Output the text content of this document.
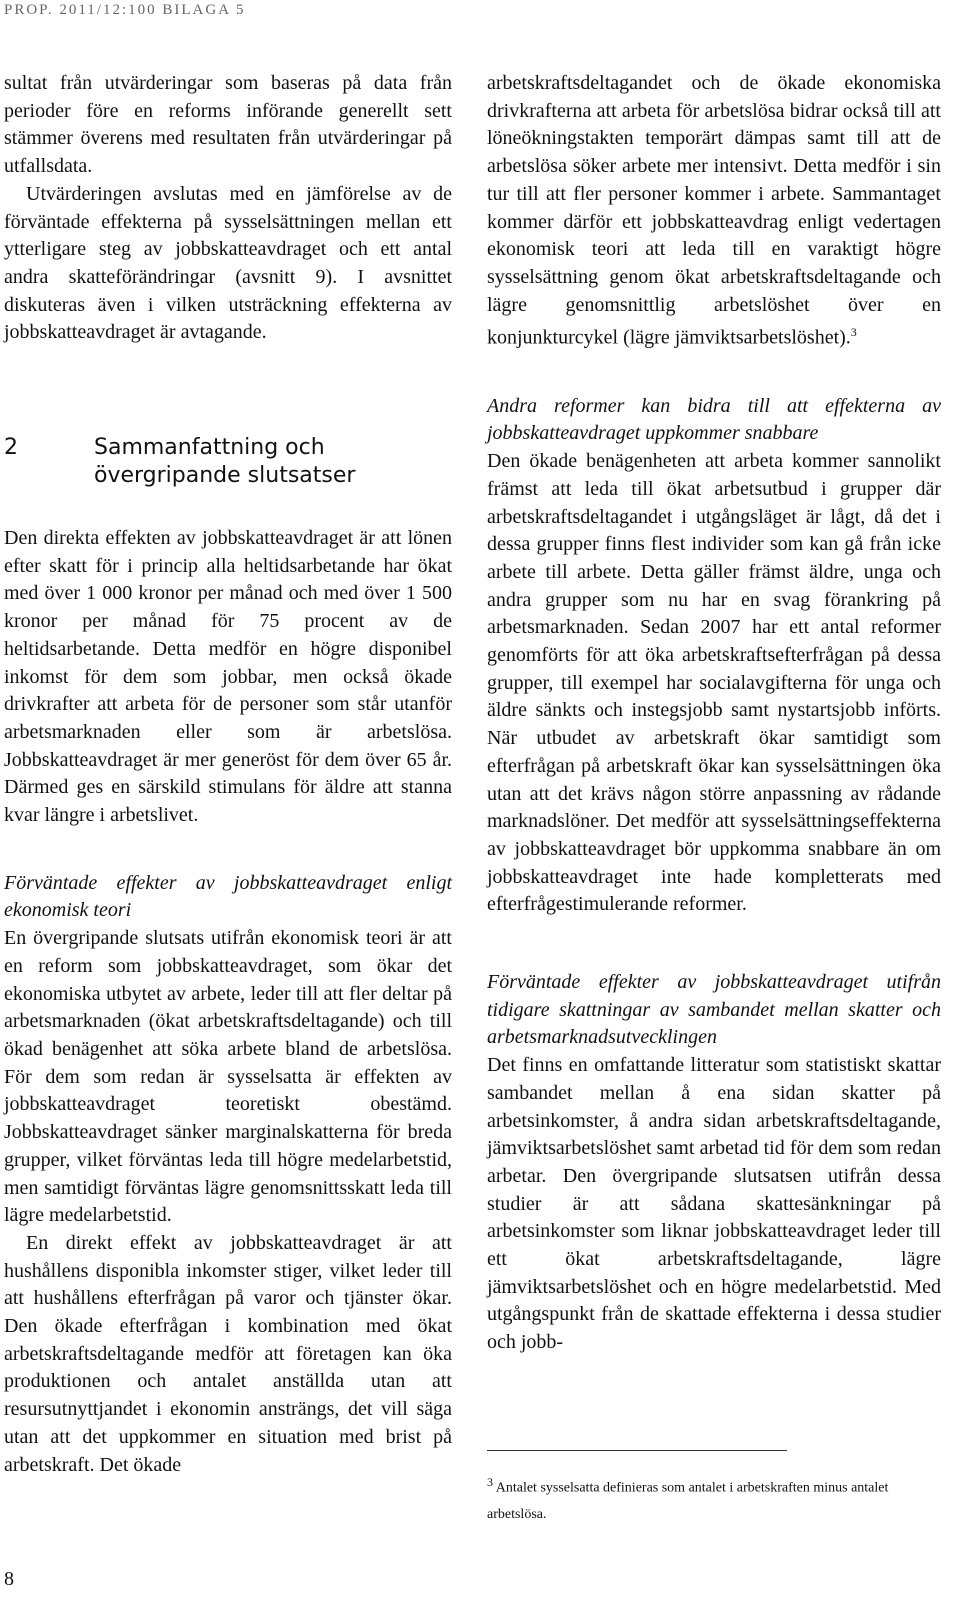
PROP. 2011/12:100 BILAGA 5

sultat från utvärderingar som baseras på data från perioder före en reforms införande generellt sett stämmer överens med resultaten från utvärderingar på utfallsdata.

Utvärderingen avslutas med en jämförelse av de förväntade effekterna på sysselsättningen mellan ett ytterligare steg av jobbskatteavdraget och ett antal andra skatteförändringar (avsnitt 9). I avsnittet diskuteras även i vilken utsträckning effekterna av jobbskatteavdraget är avtagande.

2	Sammanfattning och övergripande slutsatser

Den direkta effekten av jobbskatteavdraget är att lönen efter skatt för i princip alla heltidsarbetande har ökat med över 1 000 kronor per månad och med över 1 500 kronor per månad för 75 procent av de heltidsarbetande. Detta medför en högre disponibel inkomst för dem som jobbar, men också ökade drivkrafter att arbeta för de personer som står utanför arbetsmarknaden eller som är arbetslösa. Jobbskatteavdraget är mer generöst för dem över 65 år. Därmed ges en särskild stimulans för äldre att stanna kvar längre i arbetslivet.

Förväntade effekter av jobbskatteavdraget enligt ekonomisk teori

En övergripande slutsats utifrån ekonomisk teori är att en reform som jobbskatteavdraget, som ökar det ekonomiska utbytet av arbete, leder till att fler deltar på arbetsmarknaden (ökat arbetskraftsdeltagande) och till ökad benägenhet att söka arbete bland de arbetslösa. För dem som redan är sysselsatta är effekten av jobbskatteavdraget teoretiskt obestämd. Jobbskatteavdraget sänker marginalskatterna för breda grupper, vilket förväntas leda till högre medelarbetstid, men samtidigt förväntas lägre genomsnittsskatt leda till lägre medelarbetstid.

En direkt effekt av jobbskatteavdraget är att hushållens disponibla inkomster stiger, vilket leder till att hushållens efterfrågan på varor och tjänster ökar. Den ökade efterfrågan i kombination med ökat arbetskraftsdeltagande medför att företagen kan öka produktionen och antalet anställda utan att resursutnyttjandet i ekonomin ansträngs, det vill säga utan att det uppkommer en situation med brist på arbetskraft. Det ökade

arbetskraftsdeltagandet och de ökade ekonomiska drivkrafterna att arbeta för arbetslösa bidrar också till att löneökningstakten temporärt dämpas samt till att de arbetslösa söker arbete mer intensivt. Detta medför i sin tur till att fler personer kommer i arbete. Sammantaget kommer därför ett jobbskatteavdrag enligt vedertagen ekonomisk teori att leda till en varaktigt högre sysselsättning genom ökat arbetskraftsdeltagande och lägre genomsnittlig arbetslöshet över en konjunkturcykel (lägre jämviktsarbetslöshet).$^3$

Andra reformer kan bidra till att effekterna av jobbskatteavdraget uppkommer snabbare

Den ökade benägenheten att arbeta kommer sannolikt främst att leda till ökat arbetsutbud i grupper där arbetskraftsdeltagandet i utgångsläget är lågt, då det i dessa grupper finns flest individer som kan gå från icke arbete till arbete. Detta gäller främst äldre, unga och andra grupper som nu har en svag förankring på arbetsmarknaden. Sedan 2007 har ett antal reformer genomförts för att öka arbetskraftsefterfrågan på dessa grupper, till exempel har socialavgifterna för unga och äldre sänkts och instegsjobb samt nystartsjobb införts. När utbudet av arbetskraft ökar samtidigt som efterfrågan på arbetskraft ökar kan sysselsättningen öka utan att det krävs någon större anpassning av rådande marknadslöner. Det medför att sysselsättningseffekterna av jobbskatteavdraget bör uppkomma snabbare än om jobbskatteavdraget inte hade kompletterats med efterfrågestimulerande reformer.

Förväntade effekter av jobbskatteavdraget utifrån tidigare skattningar av sambandet mellan skatter och arbetsmarknadsutvecklingen

Det finns en omfattande litteratur som statistiskt skattar sambandet mellan å ena sidan skatter på arbetsinkomster, å andra sidan arbetskraftsdeltagande, jämviktsarbetslöshet samt arbetad tid för dem som redan arbetar. Den övergripande slutsatsen utifrån dessa studier är att sådana skattesänkningar på arbetsinkomster som liknar jobbskatteavdraget leder till ett ökat arbetskraftsdeltagande, lägre jämviktsarbetslöshet och en högre medelarbetstid. Med utgångspunkt från de skattade effekterna i dessa studier och jobb-

$^3$ Antalet sysselsatta definieras som antalet i arbetskraften minus antalet arbetslösa.
8
